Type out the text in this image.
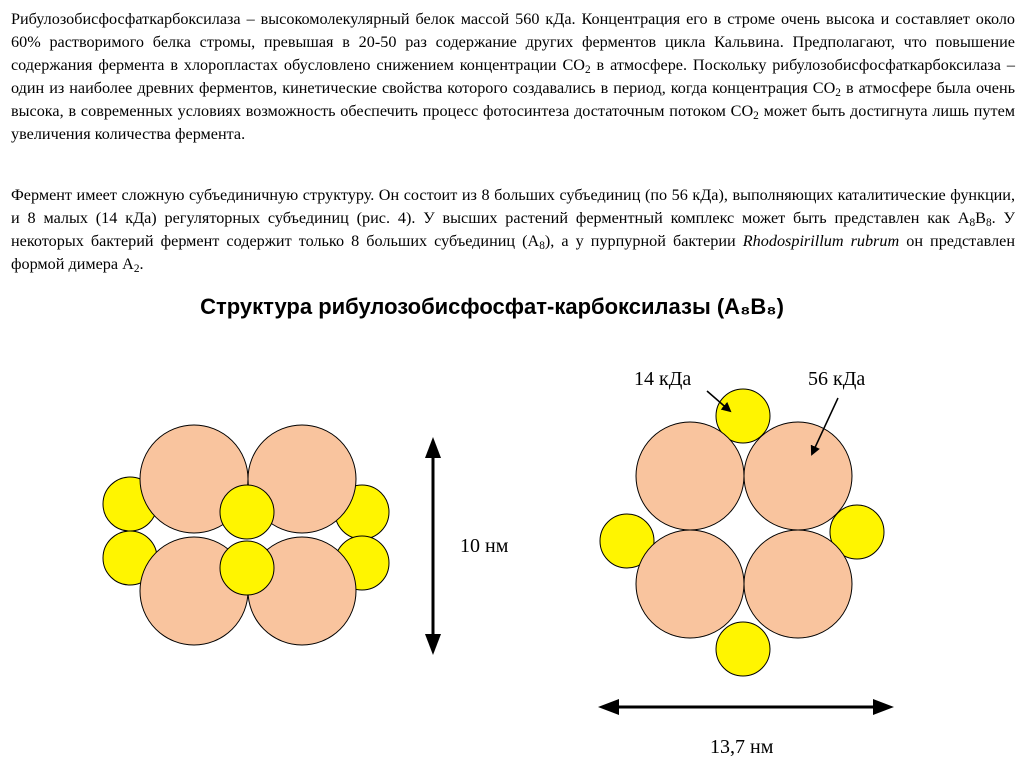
Рибулозобисфосфаткарбоксилаза – высокомолекулярный белок массой 560 кДа. Концентрация его в строме очень высока и составляет около 60% растворимого белка стромы, превышая в 20-50 раз содержание других ферментов цикла Кальвина. Предполагают, что повышение содержания фермента в хлоропластах обусловлено снижением концентрации $СО_2$ в атмосфере. Поскольку рибулозобисфосфаткарбоксилаза – один из наиболее древних ферментов, кинетические свойства которого создавались в период, когда концентрация $СО_2$ в атмосфере была очень высока, в современных условиях возможность обеспечить процесс фотосинтеза достаточным потоком $СО_2$ может быть достигнута лишь путем увеличения количества фермента.

Фермент имеет сложную субъединичную структуру. Он состоит из 8 больших субъединиц (по 56 кДа), выполняющих каталитические функции, и 8 малых (14 кДа) регуляторных субъединиц (рис. 4). У высших растений ферментный комплекс может быть представлен как $А_8В_8$. У некоторых бактерий фермент содержит только 8 больших субъединиц $(А_8)$, а у пурпурной бактерии Rhodospirillum rubrum он представлен формой димера $А_2$.

Структура рибулозобисфосфат-карбоксилазы (А₈В₈)
10 нм
14 кДа	56 кДа
13,7 нм
